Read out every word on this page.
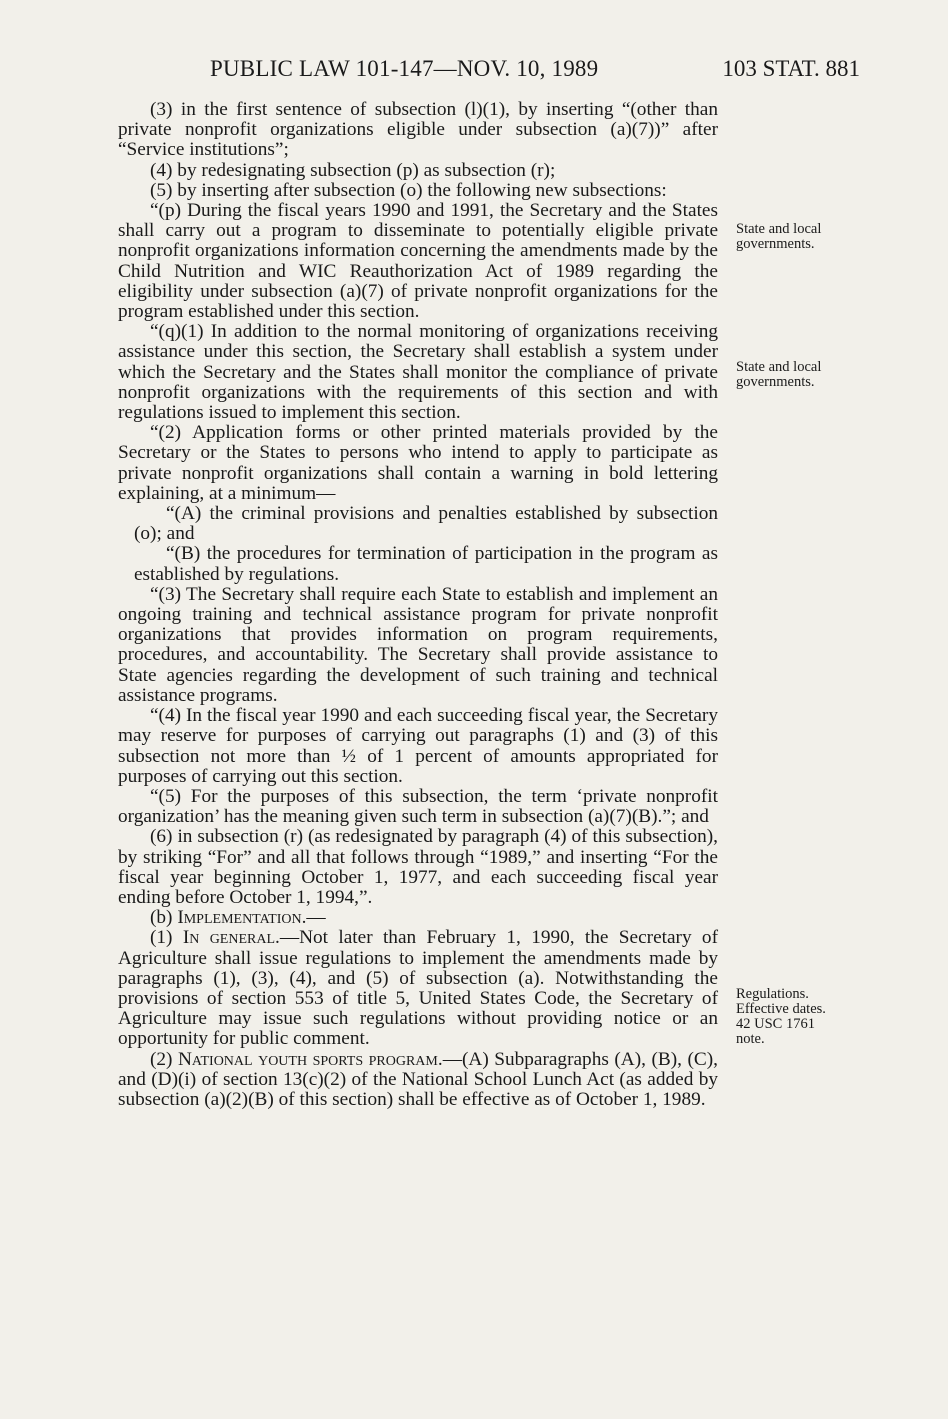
PUBLIC LAW 101-147—NOV. 10, 1989	103 STAT. 881

(3) in the first sentence of subsection (l)(1), by inserting “(other than private nonprofit organizations eligible under subsection (a)(7))” after “Service institutions”;

(4) by redesignating subsection (p) as subsection (r);

(5) by inserting after subsection (o) the following new subsections:

“(p) During the fiscal years 1990 and 1991, the Secretary and the States shall carry out a program to disseminate to potentially eligible private nonprofit organizations information concerning the amendments made by the Child Nutrition and WIC Reauthorization Act of 1989 regarding the eligibility under subsection (a)(7) of private nonprofit organizations for the program established under this section.

“(q)(1) In addition to the normal monitoring of organizations receiving assistance under this section, the Secretary shall establish a system under which the Secretary and the States shall monitor the compliance of private nonprofit organizations with the requirements of this section and with regulations issued to implement this section.

“(2) Application forms or other printed materials provided by the Secretary or the States to persons who intend to apply to participate as private nonprofit organizations shall contain a warning in bold lettering explaining, at a minimum—

“(A) the criminal provisions and penalties established by subsection (o); and

“(B) the procedures for termination of participation in the program as established by regulations.

“(3) The Secretary shall require each State to establish and implement an ongoing training and technical assistance program for private nonprofit organizations that provides information on program requirements, procedures, and accountability. The Secretary shall provide assistance to State agencies regarding the development of such training and technical assistance programs.

“(4) In the fiscal year 1990 and each succeeding fiscal year, the Secretary may reserve for purposes of carrying out paragraphs (1) and (3) of this subsection not more than ½ of 1 percent of amounts appropriated for purposes of carrying out this section.

“(5) For the purposes of this subsection, the term ‘private nonprofit organization’ has the meaning given such term in subsection (a)(7)(B).”; and

(6) in subsection (r) (as redesignated by paragraph (4) of this subsection), by striking “For” and all that follows through “1989,” and inserting “For the fiscal year beginning October 1, 1977, and each succeeding fiscal year ending before October 1, 1994,”.

(b) Implementation.—

(1) In general.—Not later than February 1, 1990, the Secretary of Agriculture shall issue regulations to implement the amendments made by paragraphs (1), (3), (4), and (5) of subsection (a). Notwithstanding the provisions of section 553 of title 5, United States Code, the Secretary of Agriculture may issue such regulations without providing notice or an opportunity for public comment.

(2) National youth sports program.—(A) Subparagraphs (A), (B), (C), and (D)(i) of section 13(c)(2) of the National School Lunch Act (as added by subsection (a)(2)(B) of this section) shall be effective as of October 1, 1989.

State and local
governments.
State and local
governments.
Regulations.
Effective dates.
42 USC 1761
note.
